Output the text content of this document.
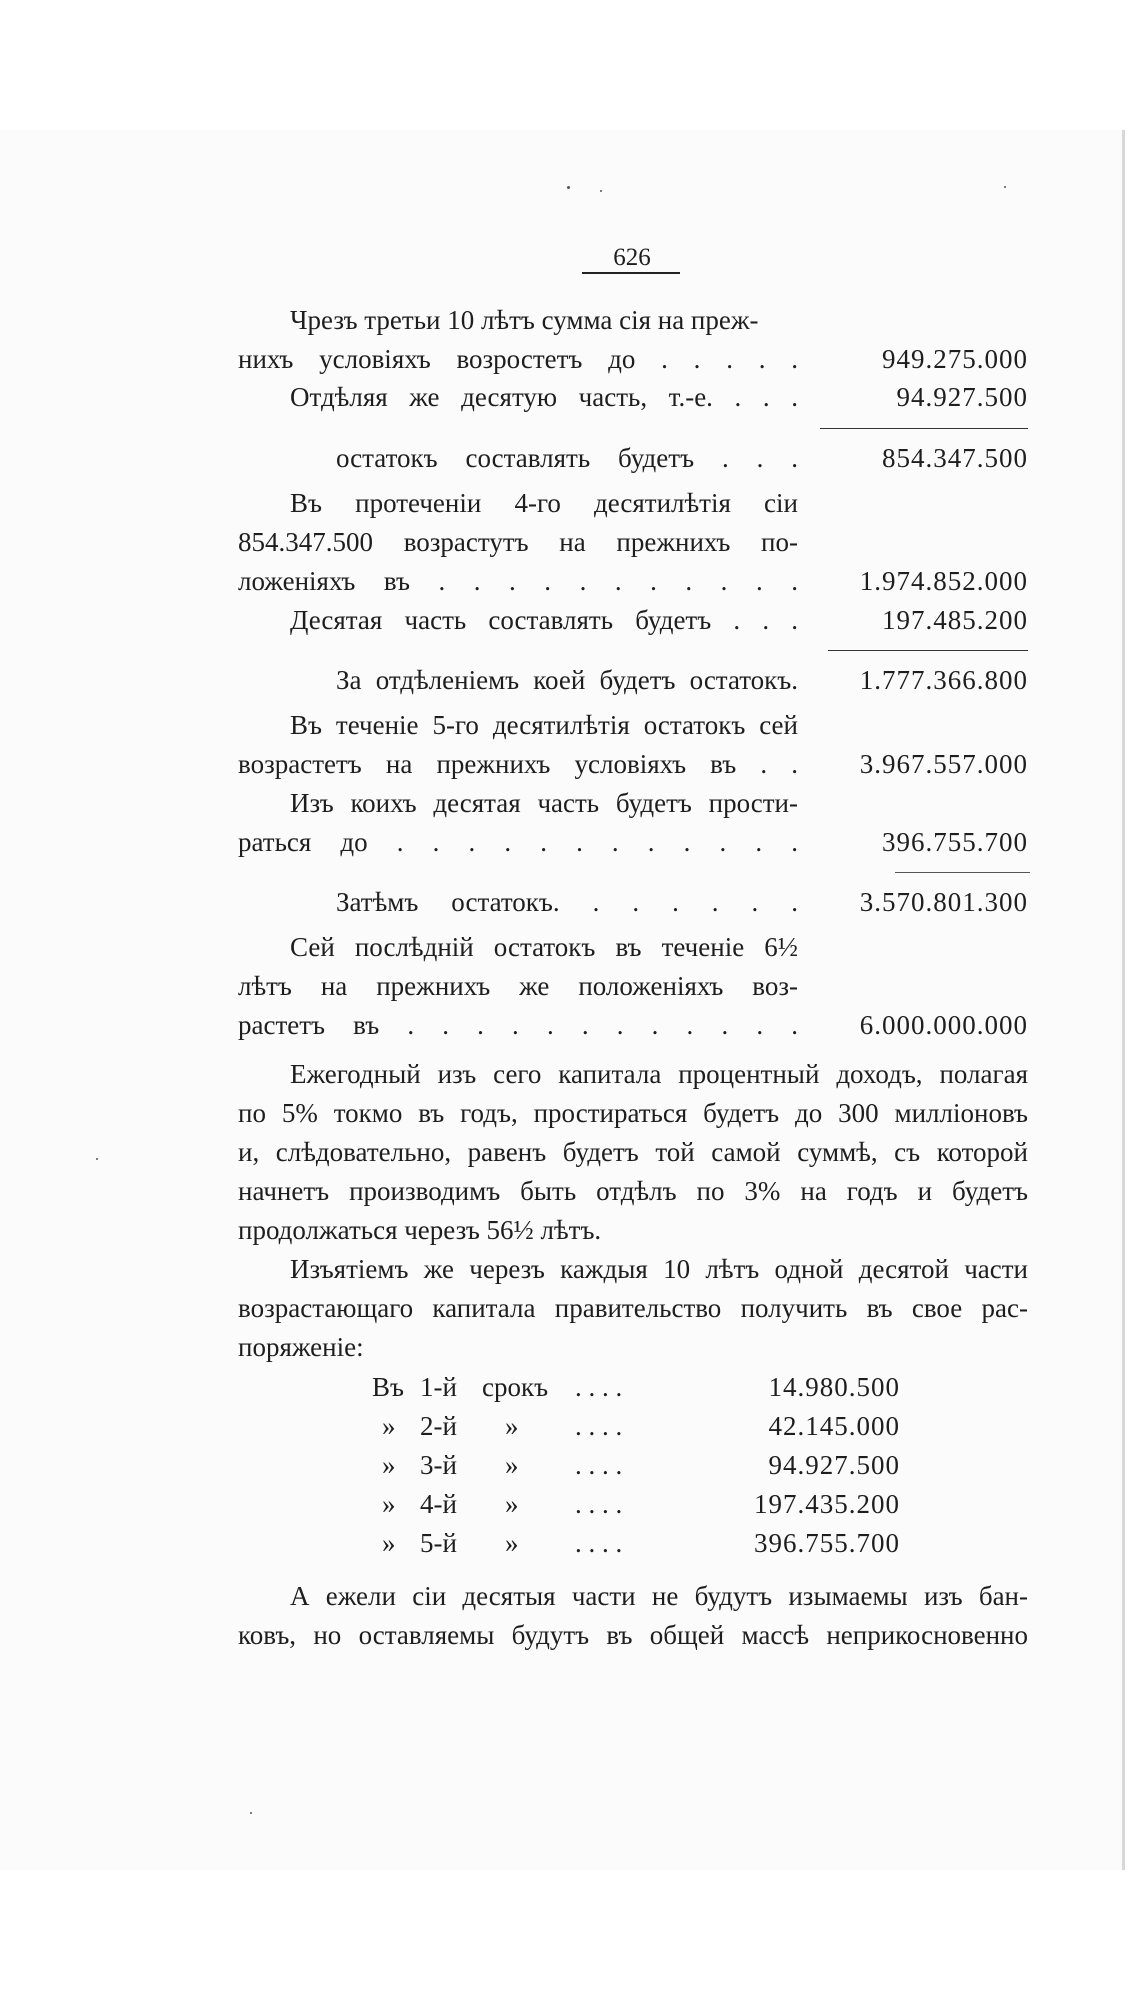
626
Чрезъ третьи 10 лѣтъ сумма сія на преж-
нихъ условіяхъ возростетъ до . . . . .	949.275.000
Отдѣляя же десятую часть, т.-е. . . .	94.927.500
остатокъ составлять будетъ . . .	854.347.500
Въ протеченіи 4-го десятилѣтія сіи
854.347.500 возрастутъ на прежнихъ по-
ложеніяхъ въ . . . . . . . . . . .	1.974.852.000
Десятая часть составлять будетъ . . .	197.485.200
За отдѣленіемъ коей будетъ остатокъ.	1.777.366.800
Въ теченіе 5-го десятилѣтія остатокъ сей
возрастетъ на прежнихъ условіяхъ въ . .	3.967.557.000
Изъ коихъ десятая часть будетъ прости-
раться до . . . . . . . . . . . .	396.755.700
Затѣмъ остатокъ. . . . . . .	3.570.801.300
Сей послѣдній остатокъ въ теченіе 6½
лѣтъ на прежнихъ же положеніяхъ воз-
растетъ въ . . . . . . . . . . . .	6.000.000.000
Ежегодный изъ сего капитала процентный доходъ, полагая
по 5% токмо въ годъ, простираться будетъ до 300 милліоновъ
и, слѣдовательно, равенъ будетъ той самой суммѣ, съ которой
начнетъ производимъ быть отдѣлъ по 3% на годъ и будетъ
продолжаться черезъ 56½ лѣтъ.
Изъятіемъ же черезъ каждыя 10 лѣтъ одной десятой части
возрастающаго капитала правительство получить въ свое рас-
поряженіе:
Въ 1-й срокъ . . . .	14.980.500
» 2-й » . . . .	42.145.000
» 3-й » . . . .	94.927.500
» 4-й » . . . .	197.435.200
» 5-й » . . . .	396.755.700
А ежели сіи десятыя части не будутъ изымаемы изъ бан-
ковъ, но оставляемы будутъ въ общей массѣ неприкосновенно
